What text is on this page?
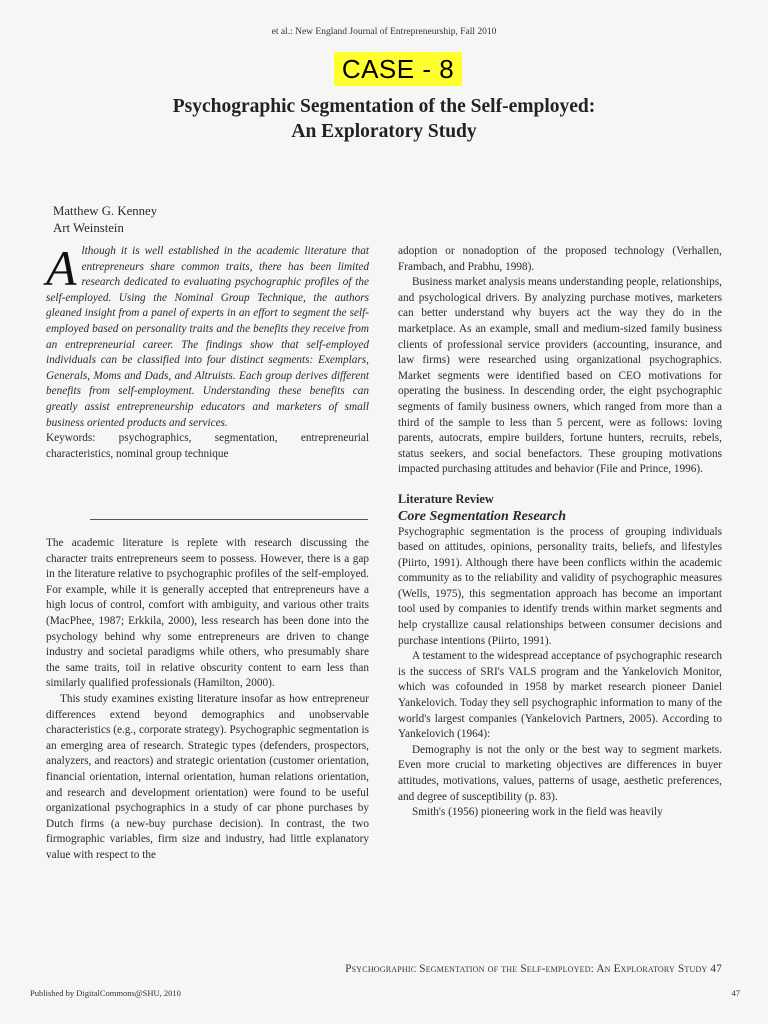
et al.: New England Journal of Entrepreneurship, Fall 2010
CASE - 8
Psychographic Segmentation of the Self-employed:
An Exploratory Study
Matthew G. Kenney
Art Weinstein

Although it is well established in the academic literature that entrepreneurs share common traits, there has been limited research dedicated to evaluating psychographic profiles of the self-employed. Using the Nominal Group Technique, the authors gleaned insight from a panel of experts in an effort to segment the self-employed based on personality traits and the benefits they receive from an entrepreneurial career. The findings show that self-employed individuals can be classified into four distinct segments: Exemplars, Generals, Moms and Dads, and Altruists. Each group derives different benefits from self-employment. Understanding these benefits can greatly assist entrepreneurship educators and marketers of small business oriented products and services.

Keywords: psychographics, segmentation, entrepreneurial characteristics, nominal group technique

The academic literature is replete with research discussing the character traits entrepreneurs seem to possess. However, there is a gap in the literature relative to psychographic profiles of the self-employed. For example, while it is generally accepted that entrepreneurs have a high locus of control, comfort with ambiguity, and various other traits (MacPhee, 1987; Erkkila, 2000), less research has been done into the psychology behind why some entrepreneurs are driven to change industry and societal paradigms while others, who presumably share the same traits, toil in relative obscurity content to earn less than similarly qualified professionals (Hamilton, 2000).

This study examines existing literature insofar as how entrepreneur differences extend beyond demographics and unobservable characteristics (e.g., corporate strategy). Psychographic segmentation is an emerging area of research. Strategic types (defenders, prospectors, analyzers, and reactors) and strategic orientation (customer orientation, financial orientation, internal orientation, human relations orientation, and research and development orientation) were found to be useful organizational psychographics in a study of car phone purchases by Dutch firms (a new-buy purchase decision). In contrast, the two firmographic variables, firm size and industry, had little explanatory value with respect to the

adoption or nonadoption of the proposed technology (Verhallen, Frambach, and Prabhu, 1998).

Business market analysis means understanding people, relationships, and psychological drivers. By analyzing purchase motives, marketers can better understand why buyers act the way they do in the marketplace. As an example, small and medium-sized family business clients of professional service providers (accounting, insurance, and law firms) were researched using organizational psychographics. Market segments were identified based on CEO motivations for operating the business. In descending order, the eight psychographic segments of family business owners, which ranged from more than a third of the sample to less than 5 percent, were as follows: loving parents, autocrats, empire builders, fortune hunters, recruits, rebels, status seekers, and social benefactors. These grouping motivations impacted purchasing attitudes and behavior (File and Prince, 1996).

Literature Review
Core Segmentation Research

Psychographic segmentation is the process of grouping individuals based on attitudes, opinions, personality traits, beliefs, and lifestyles (Piirto, 1991). Although there have been conflicts within the academic community as to the reliability and validity of psychographic measures (Wells, 1975), this segmentation approach has become an important tool used by companies to identify trends within market segments and help crystallize causal relationships between consumer decisions and purchase intentions (Piirto, 1991).

A testament to the widespread acceptance of psychographic research is the success of SRI's VALS program and the Yankelovich Monitor, which was cofounded in 1958 by market research pioneer Daniel Yankelovich. Today they sell psychographic information to many of the world's largest companies (Yankelovich Partners, 2005). According to Yankelovich (1964):

Demography is not the only or the best way to segment markets. Even more crucial to marketing objectives are differences in buyer attitudes, motivations, values, patterns of usage, aesthetic preferences, and degree of susceptibility (p. 83).

Smith's (1956) pioneering work in the field was heavily

Psychographic Segmentation of the Self-employed: An Exploratory Study 47
Published by DigitalCommons@SHU, 2010	47
